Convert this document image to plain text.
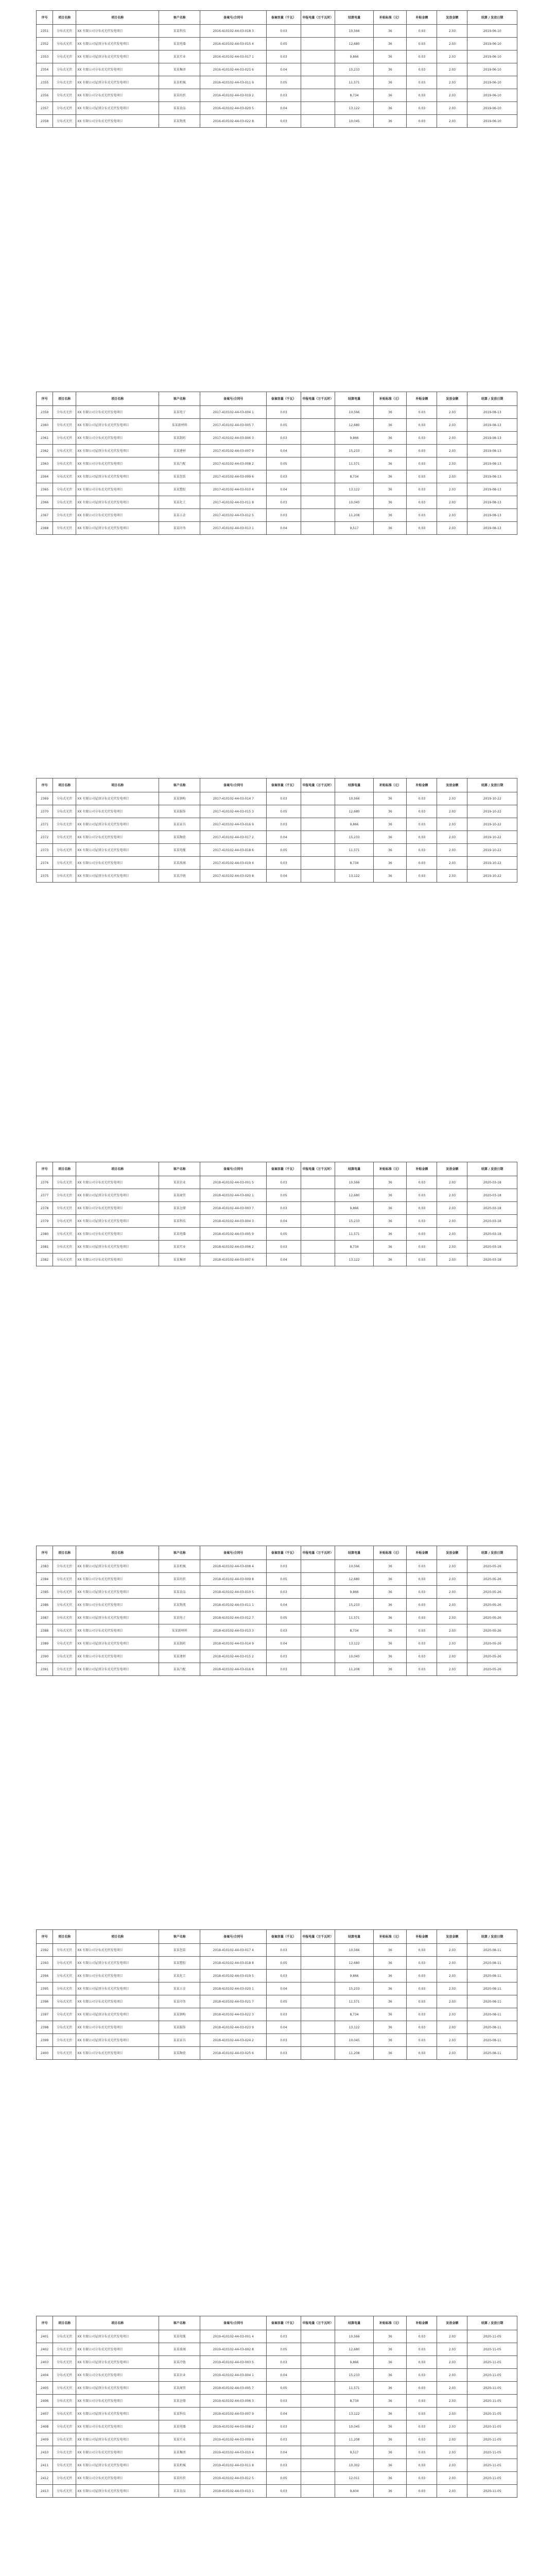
序号	项目名称	项目名称	客户名称	备案号/合同号	备案容量（千瓦）	申报电量（万千瓦时）	结算电量	补贴标准（元）	补贴金额	发放金额	结算 / 发放日期
2351	分布式光伏	XX 有限公司分布式光伏发电项目	某某科技	2016-410102-44-03-018 3	0.03		10,566	36	0.03	2.03	2019-06-10
2352	分布式光伏	XX 有限公司屋顶分布式光伏发电项目	某某电器	2016-410102-44-03-015 4	0.05		12,680	36	0.03	2.03	2019-06-10
2353	分布式光伏	XX 有限公司屋顶分布式光伏发电项目	某某实业	2016-410102-44-03-017 1	0.03		9,866	36	0.03	2.03	2019-06-10
2354	分布式光伏	XX 有限公司分布式光伏发电项目	某某集团	2016-410102-44-03-021 6	0.04		15,233	36	0.03	2.03	2019-06-10
2355	分布式光伏	XX 有限公司屋顶分布式光伏发电项目	某某机械	2016-410102-44-03-011 9	0.05		11,571	36	0.03	2.03	2019-06-10
2356	分布式光伏	XX 有限公司分布式光伏发电项目	某某纺织	2016-410102-44-03-019 2	0.03		8,734	36	0.03	2.03	2019-06-10
2357	分布式光伏	XX 有限公司屋顶分布式光伏发电项目	某某食品	2016-410102-44-03-020 5	0.04		13,122	36	0.03	2.03	2019-06-10
2358	分布式光伏	XX 有限公司分布式光伏发电项目	某某物流	2016-410102-44-03-022 8	0.03		10,045	36	0.03	2.03	2019-06-10
序号	项目名称	项目名称	客户名称	备案号/合同号	备案容量（千瓦）	申报电量（万千瓦时）	结算电量	补贴标准（元）	补贴金额	发放金额	结算 / 发放日期
2359	分布式光伏	XX 有限公司分布式光伏发电项目	某某电子	2017-410102-44-03-004 1	0.03		10,566	36	0.03	2.03	2019-08-13
2360	分布式光伏	XX 有限公司屋顶分布式光伏发电项目	某某新材料	2017-410102-44-03-005 7	0.05		12,680	36	0.03	2.03	2019-08-13
2361	分布式光伏	XX 有限公司分布式光伏发电项目	某某制药	2017-410102-44-03-006 3	0.03		9,866	36	0.03	2.03	2019-08-13
2362	分布式光伏	XX 有限公司屋顶分布式光伏发电项目	某某建材	2017-410102-44-03-007 9	0.04		15,233	36	0.03	2.03	2019-08-13
2363	分布式光伏	XX 有限公司分布式光伏发电项目	某某汽配	2017-410102-44-03-008 2	0.05		11,571	36	0.03	2.03	2019-08-13
2364	分布式光伏	XX 有限公司屋顶分布式光伏发电项目	某某包装	2017-410102-44-03-009 6	0.03		8,734	36	0.03	2.03	2019-08-13
2365	分布式光伏	XX 有限公司分布式光伏发电项目	某某塑胶	2017-410102-44-03-010 4	0.04		13,122	36	0.03	2.03	2019-08-13
2366	分布式光伏	XX 有限公司屋顶分布式光伏发电项目	某某化工	2017-410102-44-03-011 8	0.03		10,045	36	0.03	2.03	2019-08-13
2367	分布式光伏	XX 有限公司分布式光伏发电项目	某某五金	2017-410102-44-03-012 5	0.03		11,208	36	0.03	2.03	2019-08-13
2368	分布式光伏	XX 有限公司屋顶分布式光伏发电项目	某某印务	2017-410102-44-03-013 1	0.04		9,517	36	0.03	2.03	2019-08-13
序号	项目名称	项目名称	客户名称	备案号/合同号	备案容量（千瓦）	申报电量（万千瓦时）	结算电量	补贴标准（元）	补贴金额	发放金额	结算 / 发放日期
2369	分布式光伏	XX 有限公司屋顶分布式光伏发电项目	某某钢构	2017-410102-44-03-014 7	0.03		10,566	36	0.03	2.03	2019-10-22
2370	分布式光伏	XX 有限公司分布式光伏发电项目	某某服饰	2017-410102-44-03-015 3	0.05		12,680	36	0.03	2.03	2019-10-22
2371	分布式光伏	XX 有限公司屋顶分布式光伏发电项目	某某家具	2017-410102-44-03-016 9	0.03		9,866	36	0.03	2.03	2019-10-22
2372	分布式光伏	XX 有限公司分布式光伏发电项目	某某陶瓷	2017-410102-44-03-017 2	0.04		15,233	36	0.03	2.03	2019-10-22
2373	分布式光伏	XX 有限公司屋顶分布式光伏发电项目	某某电缆	2017-410102-44-03-018 6	0.05		11,571	36	0.03	2.03	2019-10-22
2374	分布式光伏	XX 有限公司分布式光伏发电项目	某某玻璃	2017-410102-44-03-019 4	0.03		8,734	36	0.03	2.03	2019-10-22
2375	分布式光伏	XX 有限公司屋顶分布式光伏发电项目	某某冷链	2017-410102-44-03-020 8	0.04		13,122	36	0.03	2.03	2019-10-22
序号	项目名称	项目名称	客户名称	备案号/合同号	备案容量（千瓦）	申报电量（万千瓦时）	结算电量	补贴标准（元）	补贴金额	发放金额	结算 / 发放日期
2376	分布式光伏	XX 有限公司分布式光伏发电项目	某某农业	2018-410102-44-03-001 5	0.03		10,566	36	0.03	2.03	2020-03-18
2377	分布式光伏	XX 有限公司屋顶分布式光伏发电项目	某某商贸	2018-410102-44-03-002 1	0.05		12,680	36	0.03	2.03	2020-03-18
2378	分布式光伏	XX 有限公司分布式光伏发电项目	某某仓储	2018-410102-44-03-003 7	0.03		9,866	36	0.03	2.03	2020-03-18
2379	分布式光伏	XX 有限公司屋顶分布式光伏发电项目	某某科技	2018-410102-44-03-004 3	0.04		15,233	36	0.03	2.03	2020-03-18
2380	分布式光伏	XX 有限公司分布式光伏发电项目	某某电器	2018-410102-44-03-005 9	0.05		11,571	36	0.03	2.03	2020-03-18
2381	分布式光伏	XX 有限公司屋顶分布式光伏发电项目	某某实业	2018-410102-44-03-006 2	0.03		8,734	36	0.03	2.03	2020-03-18
2382	分布式光伏	XX 有限公司分布式光伏发电项目	某某集团	2018-410102-44-03-007 6	0.04		13,122	36	0.03	2.03	2020-03-18
序号	项目名称	项目名称	客户名称	备案号/合同号	备案容量（千瓦）	申报电量（万千瓦时）	结算电量	补贴标准（元）	补贴金额	发放金额	结算 / 发放日期
2383	分布式光伏	XX 有限公司屋顶分布式光伏发电项目	某某机械	2018-410102-44-03-008 4	0.03		10,566	36	0.03	2.03	2020-05-26
2384	分布式光伏	XX 有限公司分布式光伏发电项目	某某纺织	2018-410102-44-03-009 8	0.05		12,680	36	0.03	2.03	2020-05-26
2385	分布式光伏	XX 有限公司屋顶分布式光伏发电项目	某某食品	2018-410102-44-03-010 5	0.03		9,866	36	0.03	2.03	2020-05-26
2386	分布式光伏	XX 有限公司分布式光伏发电项目	某某物流	2018-410102-44-03-011 1	0.04		15,233	36	0.03	2.03	2020-05-26
2387	分布式光伏	XX 有限公司屋顶分布式光伏发电项目	某某电子	2018-410102-44-03-012 7	0.05		11,571	36	0.03	2.03	2020-05-26
2388	分布式光伏	XX 有限公司分布式光伏发电项目	某某新材料	2018-410102-44-03-013 3	0.03		8,734	36	0.03	2.03	2020-05-26
2389	分布式光伏	XX 有限公司屋顶分布式光伏发电项目	某某制药	2018-410102-44-03-014 9	0.04		13,122	36	0.03	2.03	2020-05-26
2390	分布式光伏	XX 有限公司分布式光伏发电项目	某某建材	2018-410102-44-03-015 2	0.03		10,045	36	0.03	2.03	2020-05-26
2391	分布式光伏	XX 有限公司屋顶分布式光伏发电项目	某某汽配	2018-410102-44-03-016 6	0.03		11,208	36	0.03	2.03	2020-05-26
序号	项目名称	项目名称	客户名称	备案号/合同号	备案容量（千瓦）	申报电量（万千瓦时）	结算电量	补贴标准（元）	补贴金额	发放金额	结算 / 发放日期
2392	分布式光伏	XX 有限公司分布式光伏发电项目	某某包装	2018-410102-44-03-017 4	0.03		10,566	36	0.03	2.03	2020-08-11
2393	分布式光伏	XX 有限公司屋顶分布式光伏发电项目	某某塑胶	2018-410102-44-03-018 8	0.05		12,680	36	0.03	2.03	2020-08-11
2394	分布式光伏	XX 有限公司分布式光伏发电项目	某某化工	2018-410102-44-03-019 5	0.03		9,866	36	0.03	2.03	2020-08-11
2395	分布式光伏	XX 有限公司屋顶分布式光伏发电项目	某某五金	2018-410102-44-03-020 1	0.04		15,233	36	0.03	2.03	2020-08-11
2396	分布式光伏	XX 有限公司分布式光伏发电项目	某某印务	2018-410102-44-03-021 7	0.05		11,571	36	0.03	2.03	2020-08-11
2397	分布式光伏	XX 有限公司屋顶分布式光伏发电项目	某某钢构	2018-410102-44-03-022 3	0.03		8,734	36	0.03	2.03	2020-08-11
2398	分布式光伏	XX 有限公司分布式光伏发电项目	某某服饰	2018-410102-44-03-023 9	0.04		13,122	36	0.03	2.03	2020-08-11
2399	分布式光伏	XX 有限公司屋顶分布式光伏发电项目	某某家具	2018-410102-44-03-024 2	0.03		10,045	36	0.03	2.03	2020-08-11
2400	分布式光伏	XX 有限公司分布式光伏发电项目	某某陶瓷	2018-410102-44-03-025 6	0.03		11,208	36	0.03	2.03	2020-08-11
序号	项目名称	项目名称	客户名称	备案号/合同号	备案容量（千瓦）	申报电量（万千瓦时）	结算电量	补贴标准（元）	补贴金额	发放金额	结算 / 发放日期
2401	分布式光伏	XX 有限公司屋顶分布式光伏发电项目	某某电缆	2019-410102-44-03-001 4	0.03		10,566	36	0.03	2.03	2020-11-05
2402	分布式光伏	XX 有限公司分布式光伏发电项目	某某玻璃	2019-410102-44-03-002 8	0.05		12,680	36	0.03	2.03	2020-11-05
2403	分布式光伏	XX 有限公司屋顶分布式光伏发电项目	某某冷链	2019-410102-44-03-003 5	0.03		9,866	36	0.03	2.03	2020-11-05
2404	分布式光伏	XX 有限公司分布式光伏发电项目	某某农业	2019-410102-44-03-004 1	0.04		15,233	36	0.03	2.03	2020-11-05
2405	分布式光伏	XX 有限公司屋顶分布式光伏发电项目	某某商贸	2019-410102-44-03-005 7	0.05		11,571	36	0.03	2.03	2020-11-05
2406	分布式光伏	XX 有限公司分布式光伏发电项目	某某仓储	2019-410102-44-03-006 3	0.03		8,734	36	0.03	2.03	2020-11-05
2407	分布式光伏	XX 有限公司屋顶分布式光伏发电项目	某某科技	2019-410102-44-03-007 9	0.04		13,122	36	0.03	2.03	2020-11-05
2408	分布式光伏	XX 有限公司分布式光伏发电项目	某某电器	2019-410102-44-03-008 2	0.03		10,045	36	0.03	2.03	2020-11-05
2409	分布式光伏	XX 有限公司屋顶分布式光伏发电项目	某某实业	2019-410102-44-03-009 6	0.03		11,208	36	0.03	2.03	2020-11-05
2410	分布式光伏	XX 有限公司分布式光伏发电项目	某某集团	2019-410102-44-03-010 4	0.04		9,517	36	0.03	2.03	2020-11-05
2411	分布式光伏	XX 有限公司屋顶分布式光伏发电项目	某某机械	2019-410102-44-03-011 8	0.03		10,302	36	0.03	2.03	2020-11-05
2412	分布式光伏	XX 有限公司分布式光伏发电项目	某某纺织	2019-410102-44-03-012 5	0.05		12,011	36	0.03	2.03	2020-11-05
2413	分布式光伏	XX 有限公司屋顶分布式光伏发电项目	某某食品	2019-410102-44-03-013 1	0.03		9,404	36	0.03	2.03	2020-11-05
